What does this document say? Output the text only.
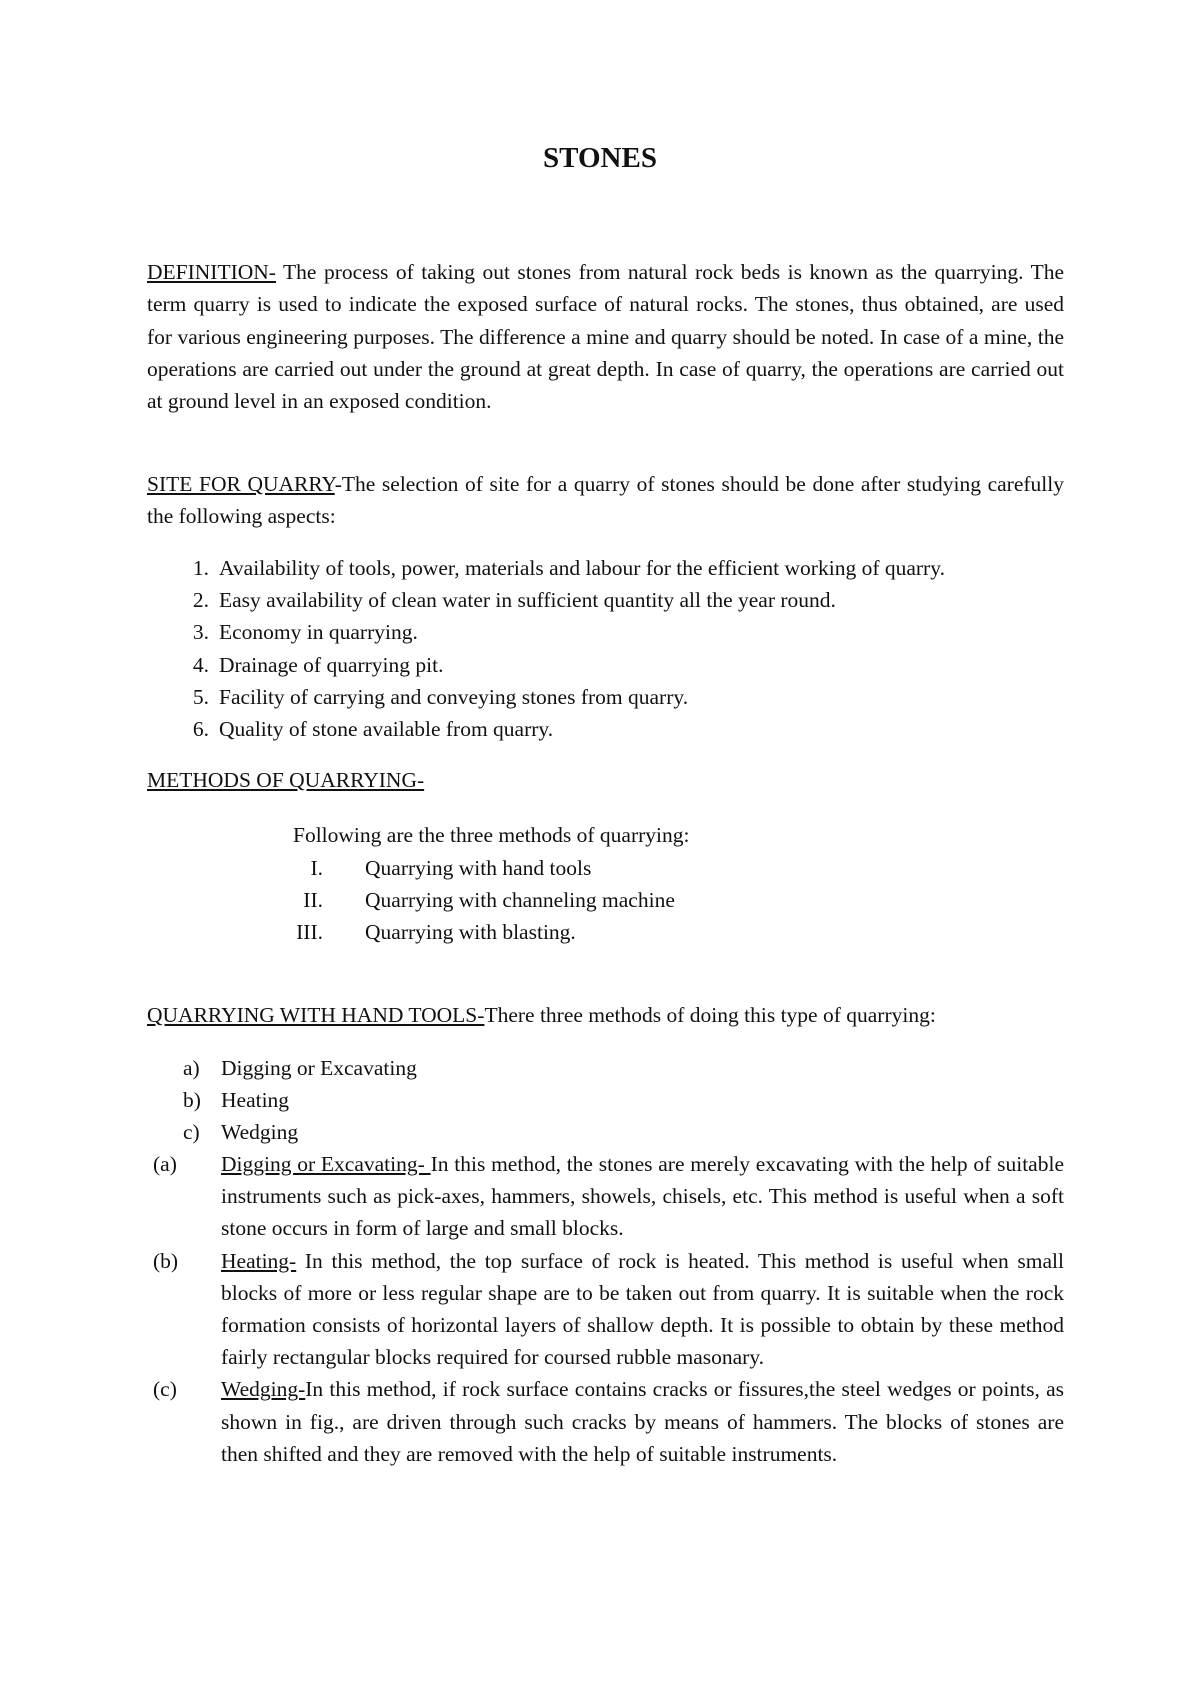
STONES

DEFINITION- The process of taking out stones from natural rock beds is known as the quarrying. The term quarry is used to indicate the exposed surface of natural rocks. The stones, thus obtained, are used for various engineering purposes. The difference a mine and quarry should be noted. In case of a mine, the operations are carried out under the ground at great depth. In case of quarry, the operations are carried out at ground level in an exposed condition.

SITE FOR QUARRY-The selection of site for a quarry of stones should be done after studying carefully the following aspects:

1. Availability of tools, power, materials and labour for the efficient working of quarry.
2. Easy availability of clean water in sufficient quantity all the year round.
3. Economy in quarrying.
4. Drainage of quarrying pit.
5. Facility of carrying and conveying stones from quarry.
6. Quality of stone available from quarry.
METHODS OF QUARRYING-
Following are the three methods of quarrying:
I.	Quarrying with hand tools
II.	Quarrying with channeling machine
III.	Quarrying with blasting.
QUARRYING WITH HAND TOOLS-There three methods of doing this type of quarrying:
a) Digging or Excavating
b) Heating
c) Wedging
(a)	Digging or Excavating- In this method, the stones are merely excavating with the help of suitable instruments such as pick-axes, hammers, showels, chisels, etc. This method is useful when a soft stone occurs in form of large and small blocks.
(b)	Heating- In this method, the top surface of rock is heated. This method is useful when small blocks of more or less regular shape are to be taken out from quarry. It is suitable when the rock formation consists of horizontal layers of shallow depth. It is possible to obtain by these method fairly rectangular blocks required for coursed rubble masonary.
(c)	Wedging-In this method, if rock surface contains cracks or fissures,the steel wedges or points, as shown in fig., are driven through such cracks by means of hammers. The blocks of stones are then shifted and they are removed with the help of suitable instruments.
